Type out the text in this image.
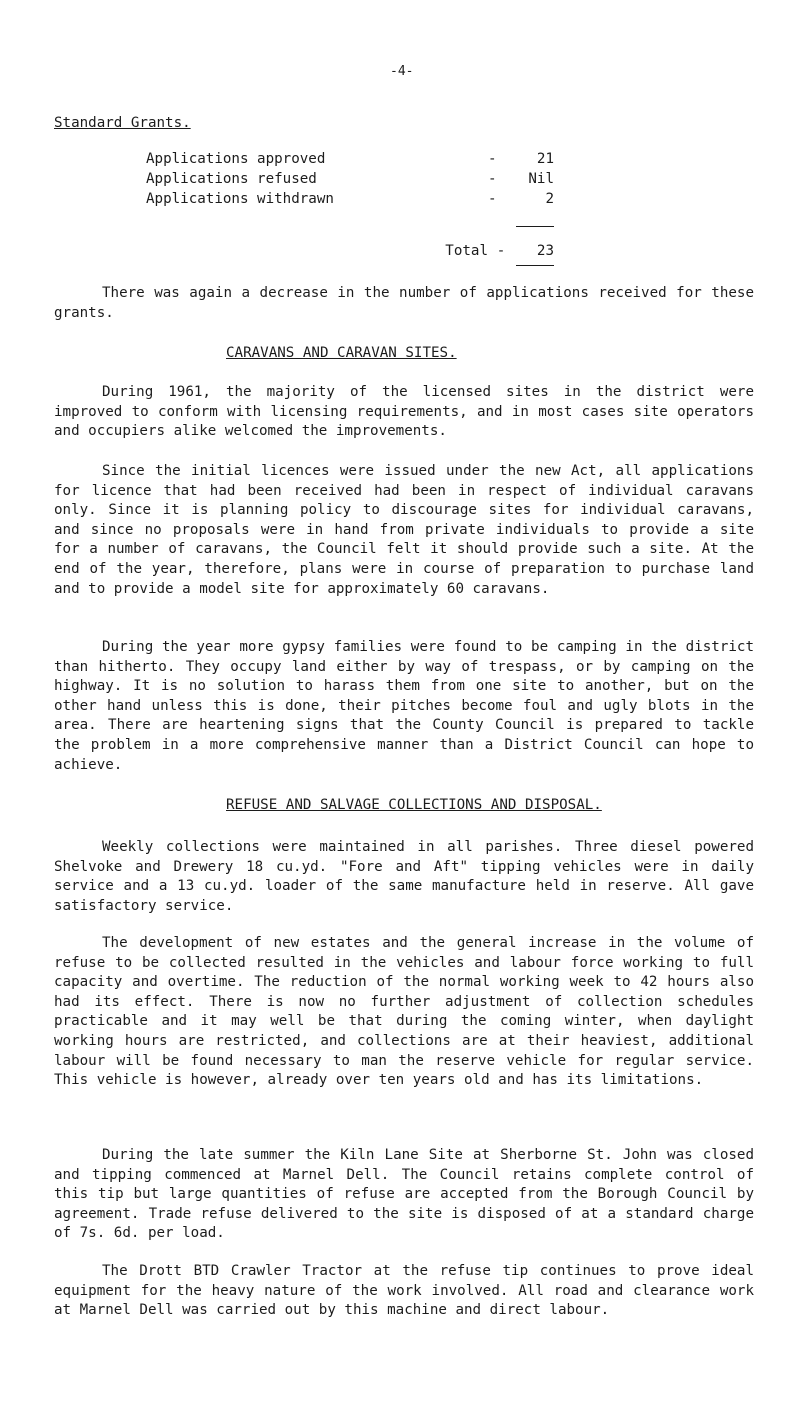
-4-
Standard Grants.
Applications approved	-	21
Applications refused	-	Nil
Applications withdrawn	-	2
Total -	23

There was again a decrease in the number of applications received for these grants.

CARAVANS AND CARAVAN SITES.

During 1961, the majority of the licensed sites in the district were improved to conform with licensing requirements, and in most cases site operators and occupiers alike welcomed the improvements.

Since the initial licences were issued under the new Act, all applications for licence that had been received had been in respect of individual caravans only. Since it is planning policy to discourage sites for individual caravans, and since no proposals were in hand from private individuals to provide a site for a number of caravans, the Council felt it should provide such a site. At the end of the year, therefore, plans were in course of preparation to purchase land and to provide a model site for approximately 60 caravans.

During the year more gypsy families were found to be camping in the district than hitherto. They occupy land either by way of trespass, or by camping on the highway. It is no solution to harass them from one site to another, but on the other hand unless this is done, their pitches become foul and ugly blots in the area. There are heartening signs that the County Council is prepared to tackle the problem in a more comprehensive manner than a District Council can hope to achieve.

REFUSE AND SALVAGE COLLECTIONS AND DISPOSAL.

Weekly collections were maintained in all parishes. Three diesel powered Shelvoke and Drewery 18 cu.yd. "Fore and Aft" tipping vehicles were in daily service and a 13 cu.yd. loader of the same manufacture held in reserve. All gave satisfactory service.

The development of new estates and the general increase in the volume of refuse to be collected resulted in the vehicles and labour force working to full capacity and overtime. The reduction of the normal working week to 42 hours also had its effect. There is now no further adjustment of collection schedules practicable and it may well be that during the coming winter, when daylight working hours are restricted, and collections are at their heaviest, additional labour will be found necessary to man the reserve vehicle for regular service. This vehicle is however, already over ten years old and has its limitations.

During the late summer the Kiln Lane Site at Sherborne St. John was closed and tipping commenced at Marnel Dell. The Council retains complete control of this tip but large quantities of refuse are accepted from the Borough Council by agreement. Trade refuse delivered to the site is disposed of at a standard charge of 7s. 6d. per load.

The Drott BTD Crawler Tractor at the refuse tip continues to prove ideal equipment for the heavy nature of the work involved. All road and clearance work at Marnel Dell was carried out by this machine and direct labour.
